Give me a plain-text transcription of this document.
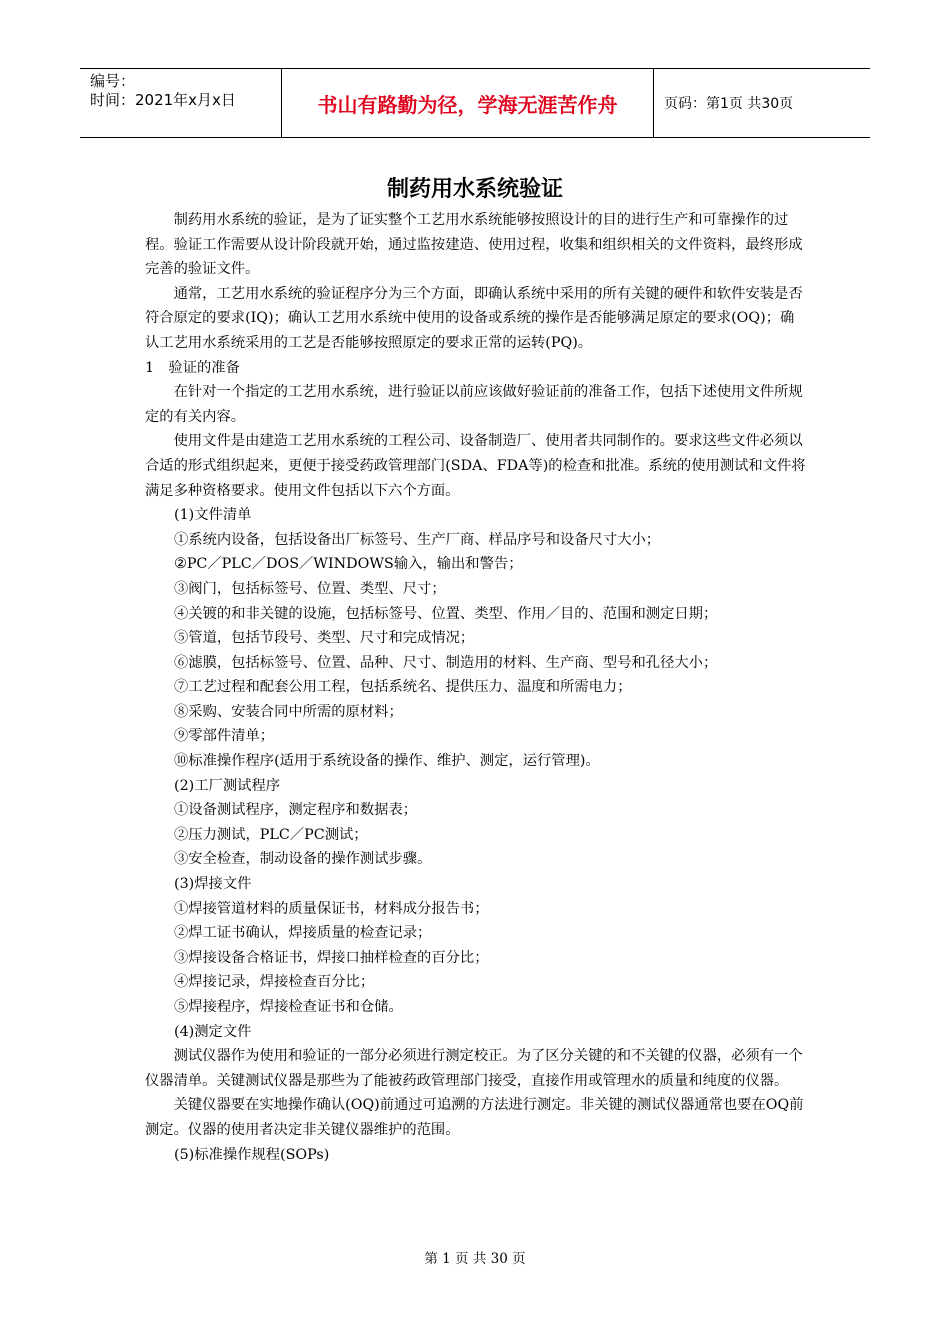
编号：
时间：2021年x月x日	书山有路勤为径，学海无涯苦作舟	页码：第1页 共30页
制药用水系统验证

制药用水系统的验证，是为了证实整个工艺用水系统能够按照设计的目的进行生产和可靠操作的过程。验证工作需要从设计阶段就开始，通过监按建造、使用过程，收集和组织相关的文件资料，最终形成完善的验证文件。

通常，工艺用水系统的验证程序分为三个方面，即确认系统中采用的所有关键的硬件和软件安装是否符合原定的要求(IQ)；确认工艺用水系统中使用的设备或系统的操作是否能够满足原定的要求(OQ)；确认工艺用水系统采用的工艺是否能够按照原定的要求正常的运转(PQ)。

1　验证的准备

在针对一个指定的工艺用水系统，进行验证以前应该做好验证前的准备工作，包括下述使用文件所规定的有关内容。

使用文件是由建造工艺用水系统的工程公司、设备制造厂、使用者共同制作的。要求这些文件必须以合适的形式组织起来，更便于接受药政管理部门(SDA、FDA等)的检查和批准。系统的使用测试和文件将满足多种资格要求。使用文件包括以下六个方面。

(1)文件清单

①系统内设备，包括设备出厂标签号、生产厂商、样品序号和设备尺寸大小；

②PC／PLC／DOS／WINDOWS输入，输出和警告；

③阀门，包括标签号、位置、类型、尺寸；

④关镀的和非关键的设施，包括标签号、位置、类型、作用／目的、范围和测定日期；

⑤管道，包括节段号、类型、尺寸和完成情况；

⑥滤膜，包括标签号、位置、品种、尺寸、制造用的材料、生产商、型号和孔径大小；

⑦工艺过程和配套公用工程，包括系统名、提供压力、温度和所需电力；

⑧采购、安装合同中所需的原材料；

⑨零部件清单；

⑩标准操作程序(适用于系统设备的操作、维护、测定，运行管理)。

(2)工厂测试程序

①设备测试程序，测定程序和数据表；

②压力测试，PLC／PC测试；

③安全检查，制动设备的操作测试步骤。

(3)焊接文件

①焊接管道材料的质量保证书，材料成分报告书；

②焊工证书确认，焊接质量的检查记录；

③焊接设备合格证书，焊接口抽样检查的百分比；

④焊接记录，焊接检查百分比；

⑤焊接程序，焊接检查证书和仓储。

(4)测定文件

测试仪器作为使用和验证的一部分必须进行测定校正。为了区分关键的和不关键的仪器，必须有一个仪器清单。关键测试仪器是那些为了能被药政管理部门接受，直接作用或管理水的质量和纯度的仪器。

关键仪器要在实地操作确认(OQ)前通过可追溯的方法进行测定。非关键的测试仪器通常也要在OQ前测定。仪器的使用者决定非关键仪器维护的范围。

(5)标准操作规程(SOPs)

第 1 页 共 30 页
